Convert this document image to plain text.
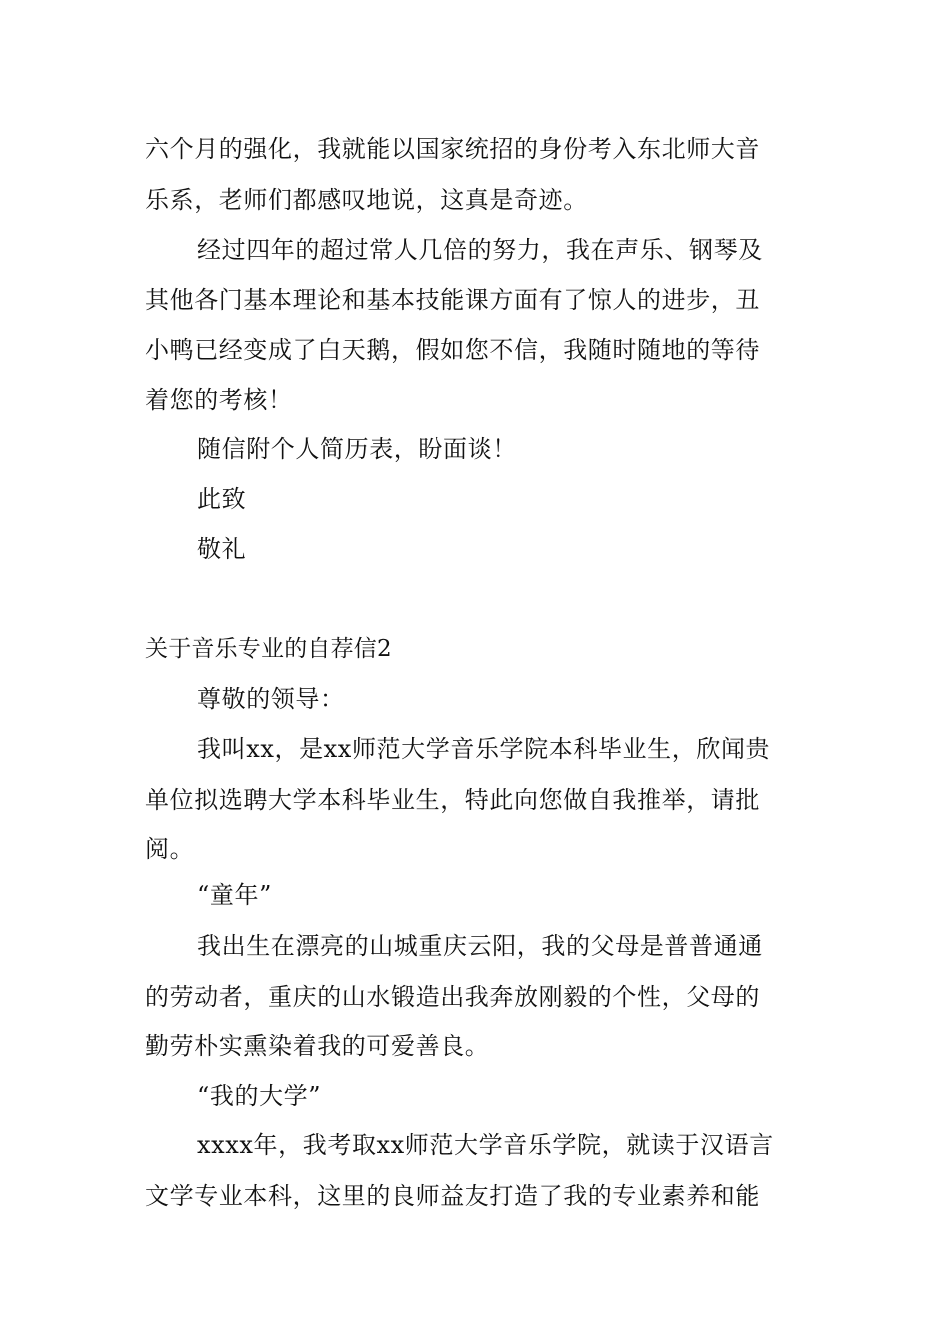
六个月的强化，我就能以国家统招的身份考入东北师大音
乐系，老师们都感叹地说，这真是奇迹。
经过四年的超过常人几倍的努力，我在声乐、钢琴及
其他各门基本理论和基本技能课方面有了惊人的进步，丑
小鸭已经变成了白天鹅，假如您不信，我随时随地的等待
着您的考核！
随信附个人简历表，盼面谈！
此致
敬礼
关于音乐专业的自荐信2
尊敬的领导：
我叫xx，是xx师范大学音乐学院本科毕业生，欣闻贵
单位拟选聘大学本科毕业生，特此向您做自我推举，请批
阅。
“童年”
我出生在漂亮的山城重庆云阳，我的父母是普普通通
的劳动者，重庆的山水锻造出我奔放刚毅的个性，父母的
勤劳朴实熏染着我的可爱善良。
“我的大学”
xxxx年，我考取xx师范大学音乐学院，就读于汉语言
文学专业本科，这里的良师益友打造了我的专业素养和能
